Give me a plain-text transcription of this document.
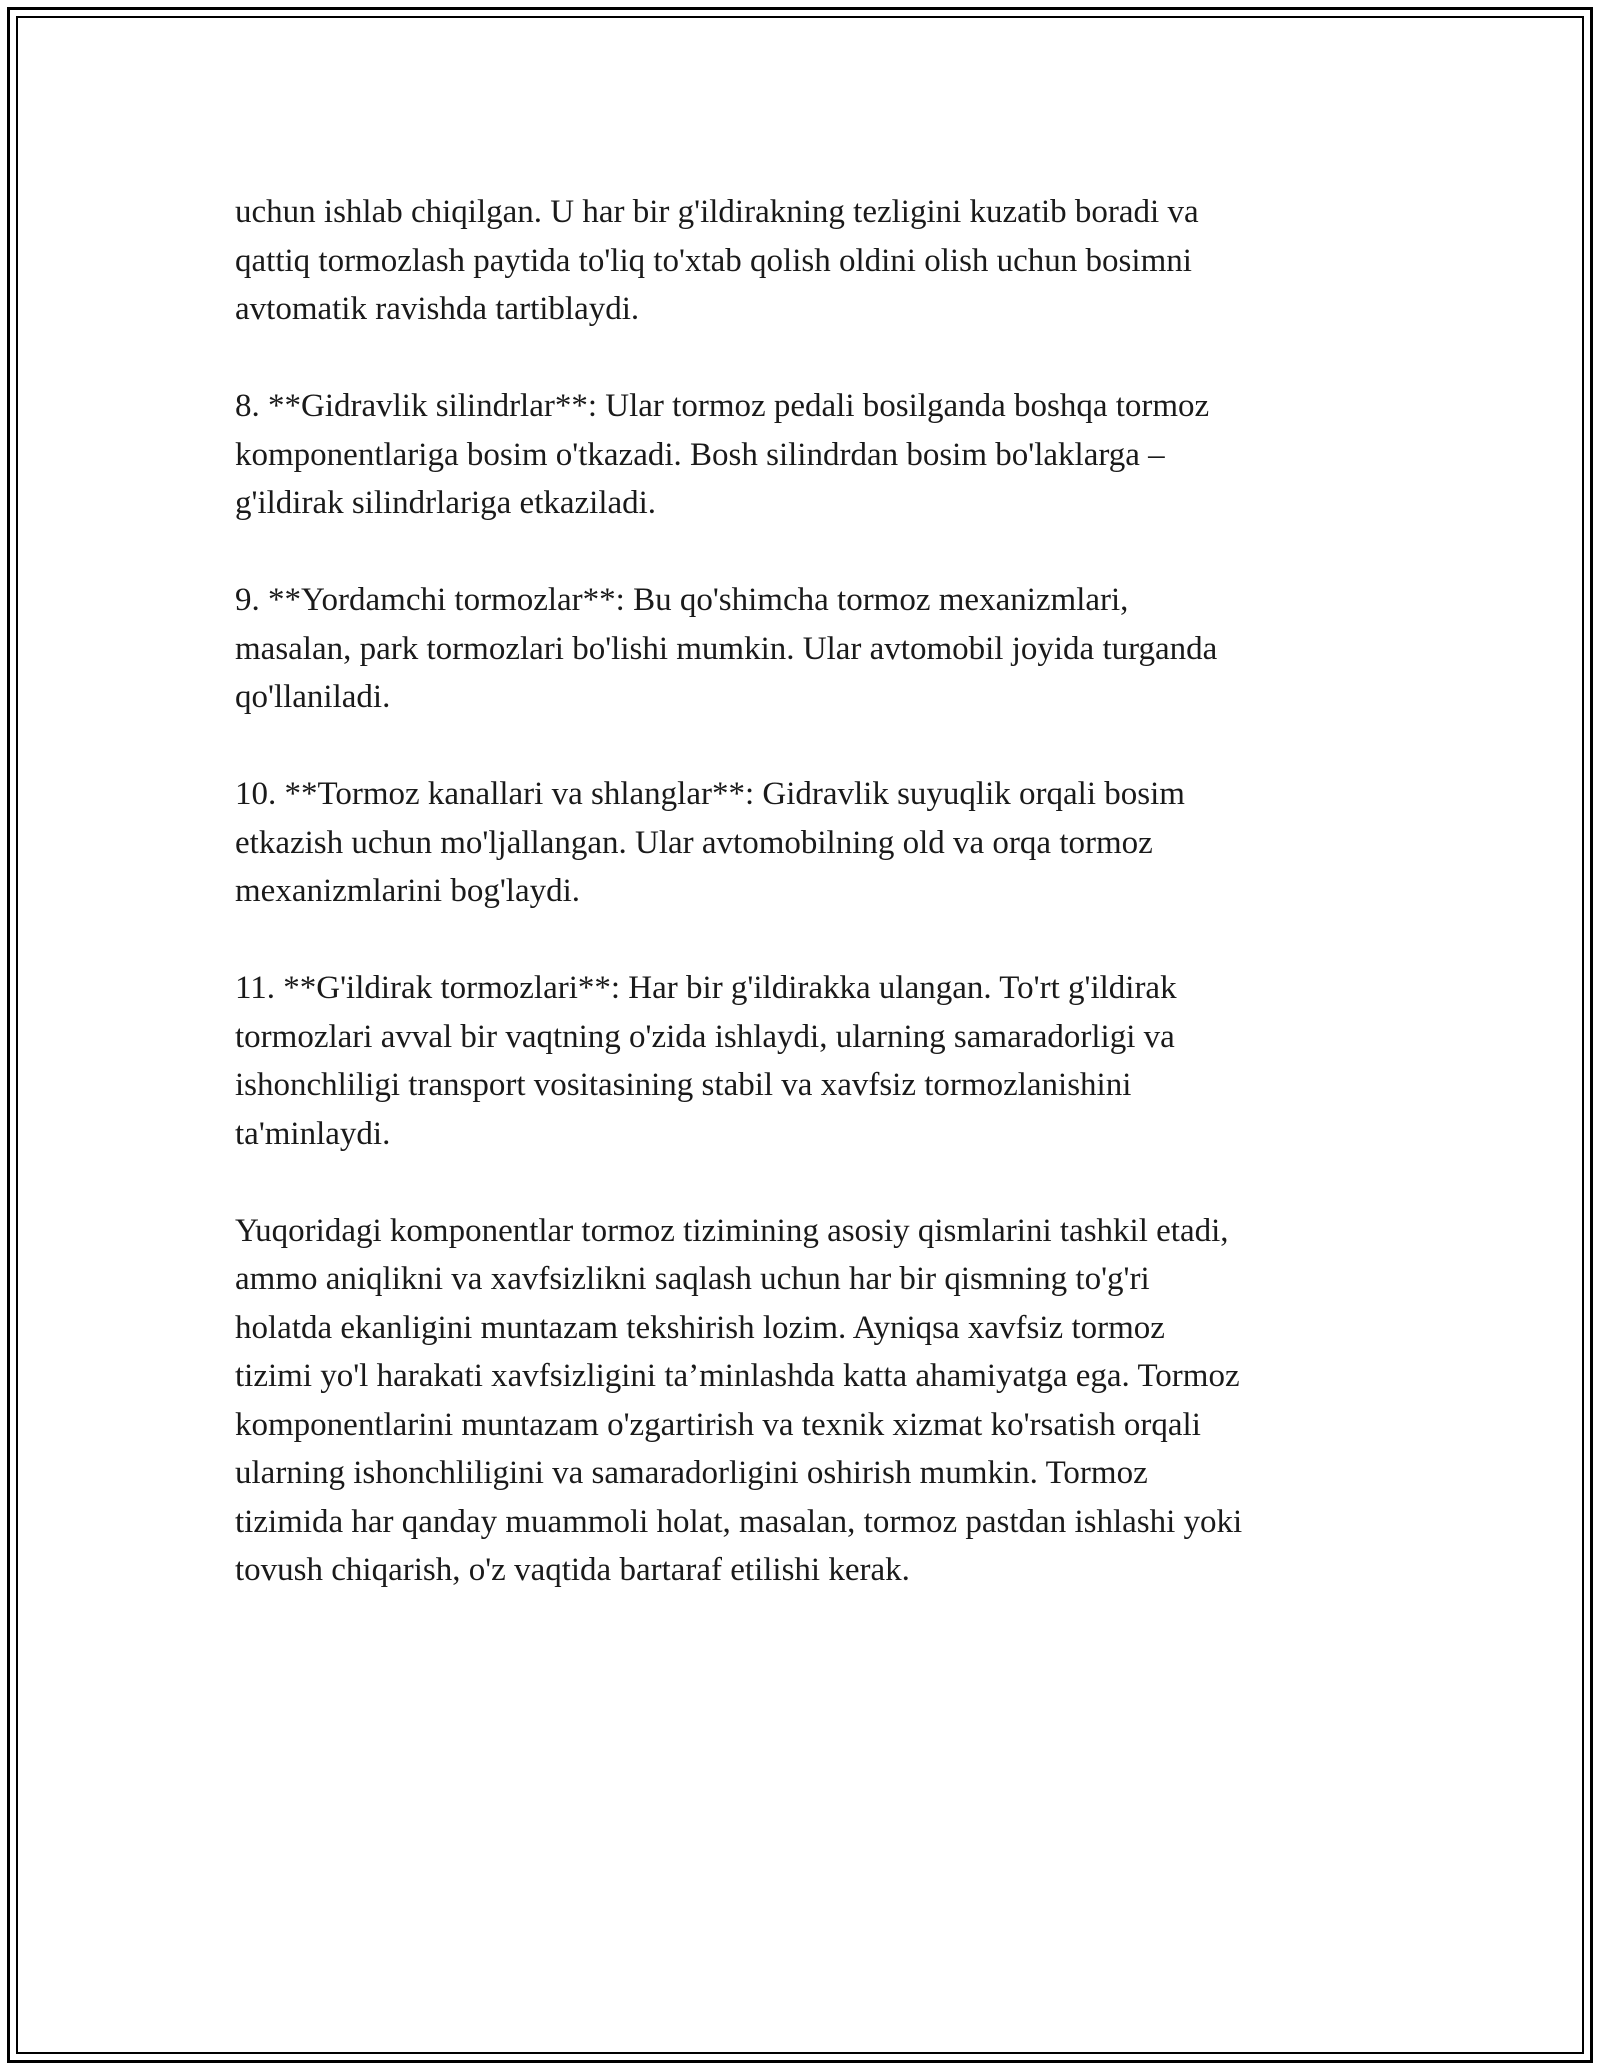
uchun ishlab chiqilgan. U har bir g'ildirakning tezligini kuzatib boradi va
qattiq tormozlash paytida to'liq to'xtab qolish oldini olish uchun bosimni
avtomatik ravishda tartiblaydi.

8. **Gidravlik silindrlar**: Ular tormoz pedali bosilganda boshqa tormoz
komponentlariga bosim o'tkazadi. Bosh silindrdan bosim bo'laklarga –
g'ildirak silindrlariga etkaziladi.

9. **Yordamchi tormozlar**: Bu qo'shimcha tormoz mexanizmlari,
masalan, park tormozlari bo'lishi mumkin. Ular avtomobil joyida turganda
qo'llaniladi.

10. **Tormoz kanallari va shlanglar**: Gidravlik suyuqlik orqali bosim
etkazish uchun mo'ljallangan. Ular avtomobilning old va orqa tormoz
mexanizmlarini bog'laydi.

11. **G'ildirak tormozlari**: Har bir g'ildirakka ulangan. To'rt g'ildirak
tormozlari avval bir vaqtning o'zida ishlaydi, ularning samaradorligi va
ishonchliligi transport vositasining stabil va xavfsiz tormozlanishini
ta'minlaydi.

Yuqoridagi komponentlar tormoz tizimining asosiy qismlarini tashkil etadi,
ammo aniqlikni va xavfsizlikni saqlash uchun har bir qismning to'g'ri
holatda ekanligini muntazam tekshirish lozim. Ayniqsa xavfsiz tormoz
tizimi yo'l harakati xavfsizligini ta’minlashda katta ahamiyatga ega. Tormoz
komponentlarini muntazam o'zgartirish va texnik xizmat ko'rsatish orqali
ularning ishonchliligini va samaradorligini oshirish mumkin. Tormoz
tizimida har qanday muammoli holat, masalan, tormoz pastdan ishlashi yoki
tovush chiqarish, o'z vaqtida bartaraf etilishi kerak.
